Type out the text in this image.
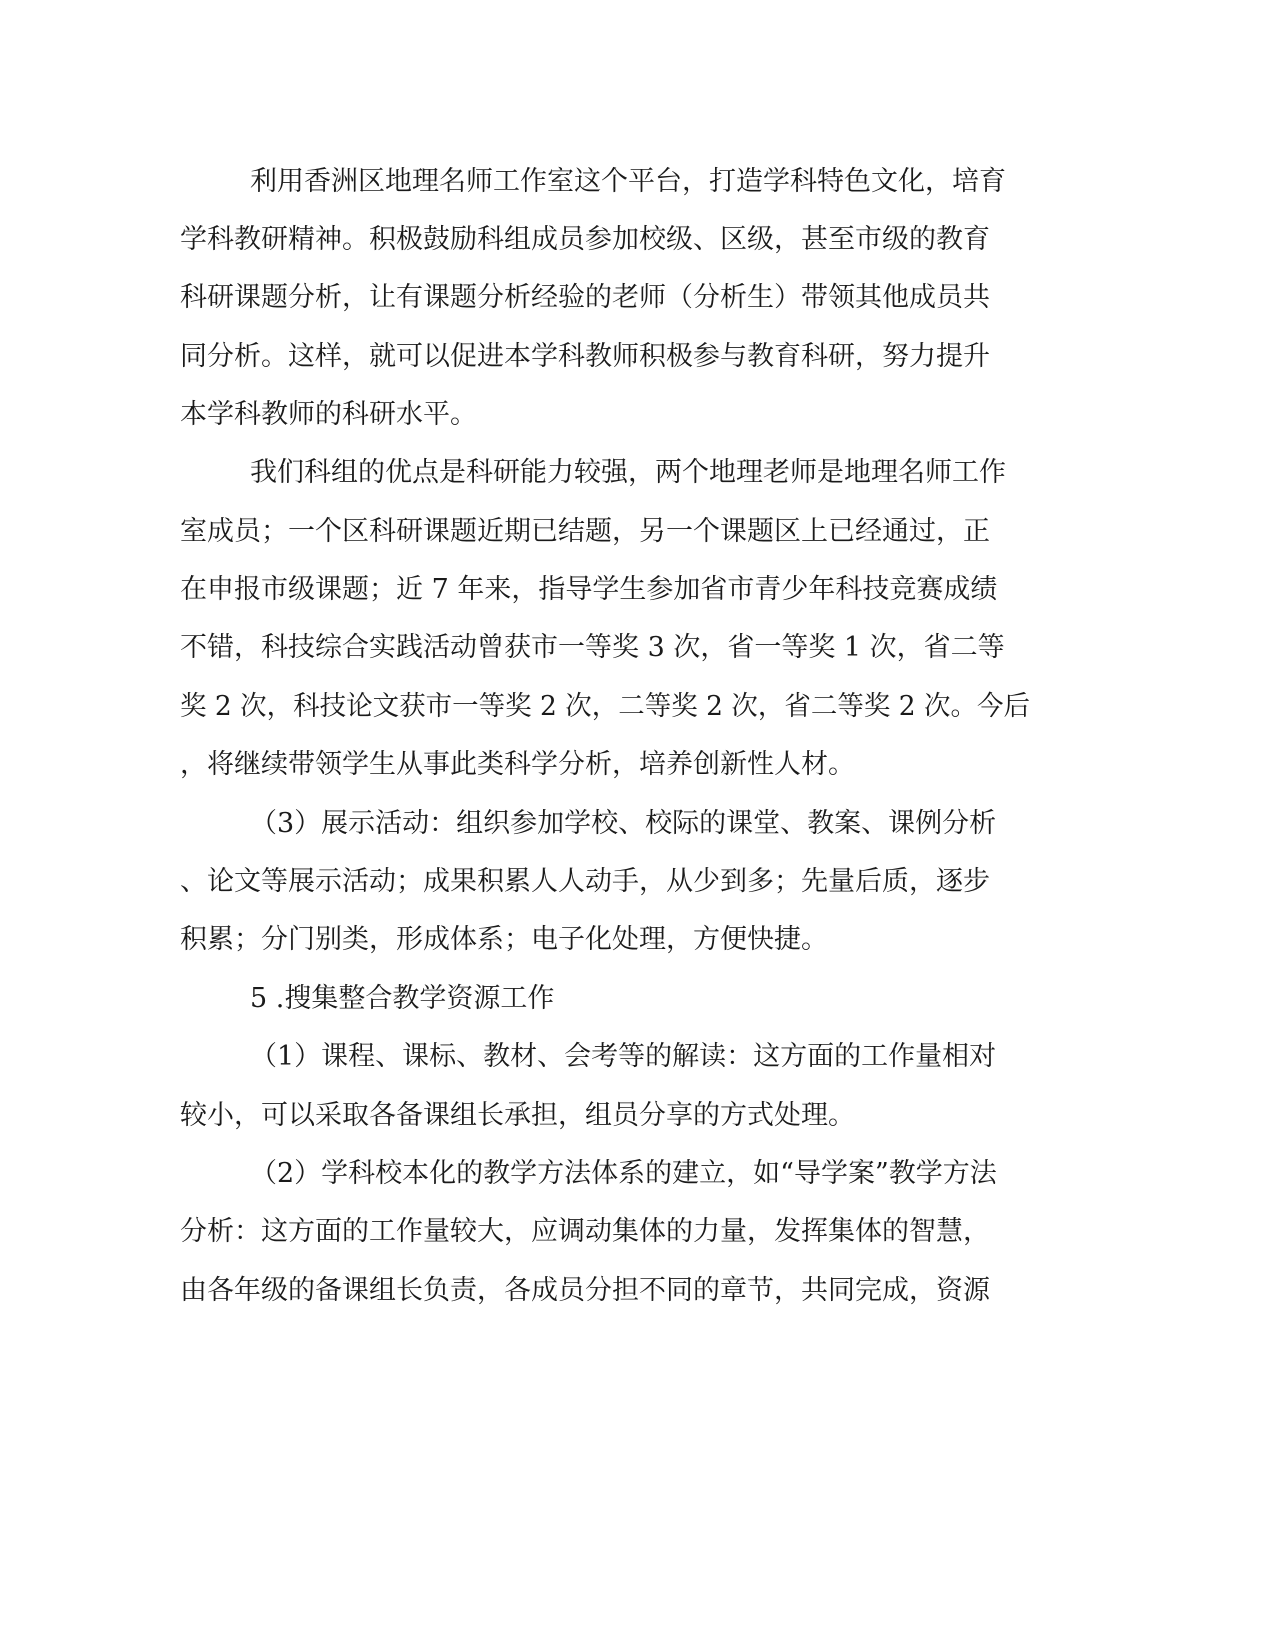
利用香洲区地理名师工作室这个平台，打造学科特色文化，培育
学科教研精神。积极鼓励科组成员参加校级、区级，甚至市级的教育
科研课题分析，让有课题分析经验的老师（分析生）带领其他成员共
同分析。这样，就可以促进本学科教师积极参与教育科研，努力提升
本学科教师的科研水平。
我们科组的优点是科研能力较强，两个地理老师是地理名师工作
室成员；一个区科研课题近期已结题，另一个课题区上已经通过，正
在申报市级课题；近 7 年来，指导学生参加省市青少年科技竞赛成绩
不错，科技综合实践活动曾获市一等奖 3 次，省一等奖 1 次，省二等
奖 2 次，科技论文获市一等奖 2 次，二等奖 2 次，省二等奖 2 次。今后
，将继续带领学生从事此类科学分析，培养创新性人材。
（3）展示活动：组织参加学校、校际的课堂、教案、课例分析
、论文等展示活动；成果积累人人动手，从少到多；先量后质，逐步
积累；分门别类，形成体系；电子化处理，方便快捷。
5 .搜集整合教学资源工作
（1）课程、课标、教材、会考等的解读：这方面的工作量相对
较小，可以采取各备课组长承担，组员分享的方式处理。
（2）学科校本化的教学方法体系的建立，如“导学案”教学方法
分析：这方面的工作量较大，应调动集体的力量，发挥集体的智慧，
由各年级的备课组长负责，各成员分担不同的章节，共同完成，资源
